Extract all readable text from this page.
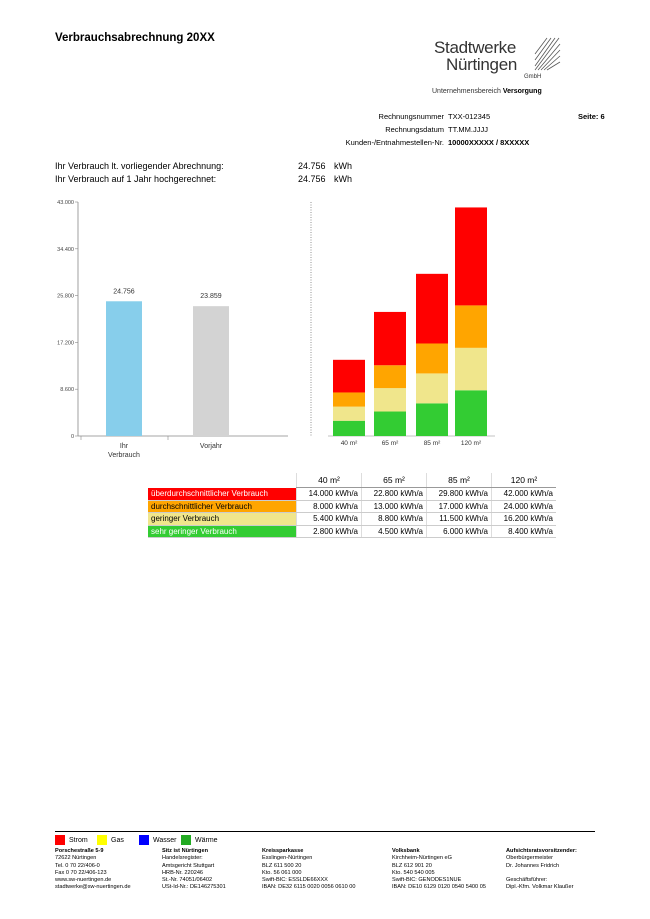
Verbrauchsabrechnung 20XX	Stadtwerke
Nürtingen
GmbH
Unternehmensbereich Versorgung
Rechnungsnummer TXX-012345	Seite: 6
Rechnungsdatum TT.MM.JJJJ
Kunden-/Entnahmestellen-Nr. 10000XXXXX / 8XXXXX
Ihr Verbrauch lt. vorliegender Abrechnung:	24.756 kWh
Ihr Verbrauch auf 1 Jahr hochgerechnet:	24.756 kWh
0
8.600
17.200
25.800
34.400
43.000
24.756
Ihr
Verbrauch
23.859
Vorjahr	40 m²	65 m²	85 m²	120 m²
	40 m²	65 m²	85 m²	120 m²
überdurchschnittlicher Verbrauch	14.000 kWh/a	22.800 kWh/a	29.800 kWh/a	42.000 kWh/a
durchschnittlicher Verbrauch	8.000 kWh/a	13.000 kWh/a	17.000 kWh/a	24.000 kWh/a
geringer Verbrauch	5.400 kWh/a	8.800 kWh/a	11.500 kWh/a	16.200 kWh/a
sehr geringer Verbrauch	2.800 kWh/a	4.500 kWh/a	6.000 kWh/a	8.400 kWh/a
Strom	Gas	Wasser	Wärme
Porschestraße 5-9
72622 Nürtingen
Tel. 0 70 22/406-0
Fax 0 70 22/406-123
www.sw-nuertingen.de
stadtwerke@sw-nuertingen.de
Sitz ist Nürtingen
Handelsregister:
Amtsgericht Stuttgart
HRB-Nr. 220246
St.-Nr. 74051/06402
USt-Id-Nr.: DE146275301
Kreissparkasse
Esslingen-Nürtingen
BLZ 611 500 20
Kto. 56 061 000
Swift-BIC: ESSLDE66XXX
IBAN: DE32 6115 0020 0056 0610 00
Volksbank
Kirchheim-Nürtingen eG
BLZ 612 901 20
Kto. 540 540 005
Swift-BIC: GENODES1NUE
IBAN: DE10 6129 0120 0540 5400 05
Aufsichtsratsvorsitzender:
Oberbürgermeister
Dr. Johannes Fridrich

Geschäftsführer:
Dipl.-Kfm. Volkmar Klaußer
